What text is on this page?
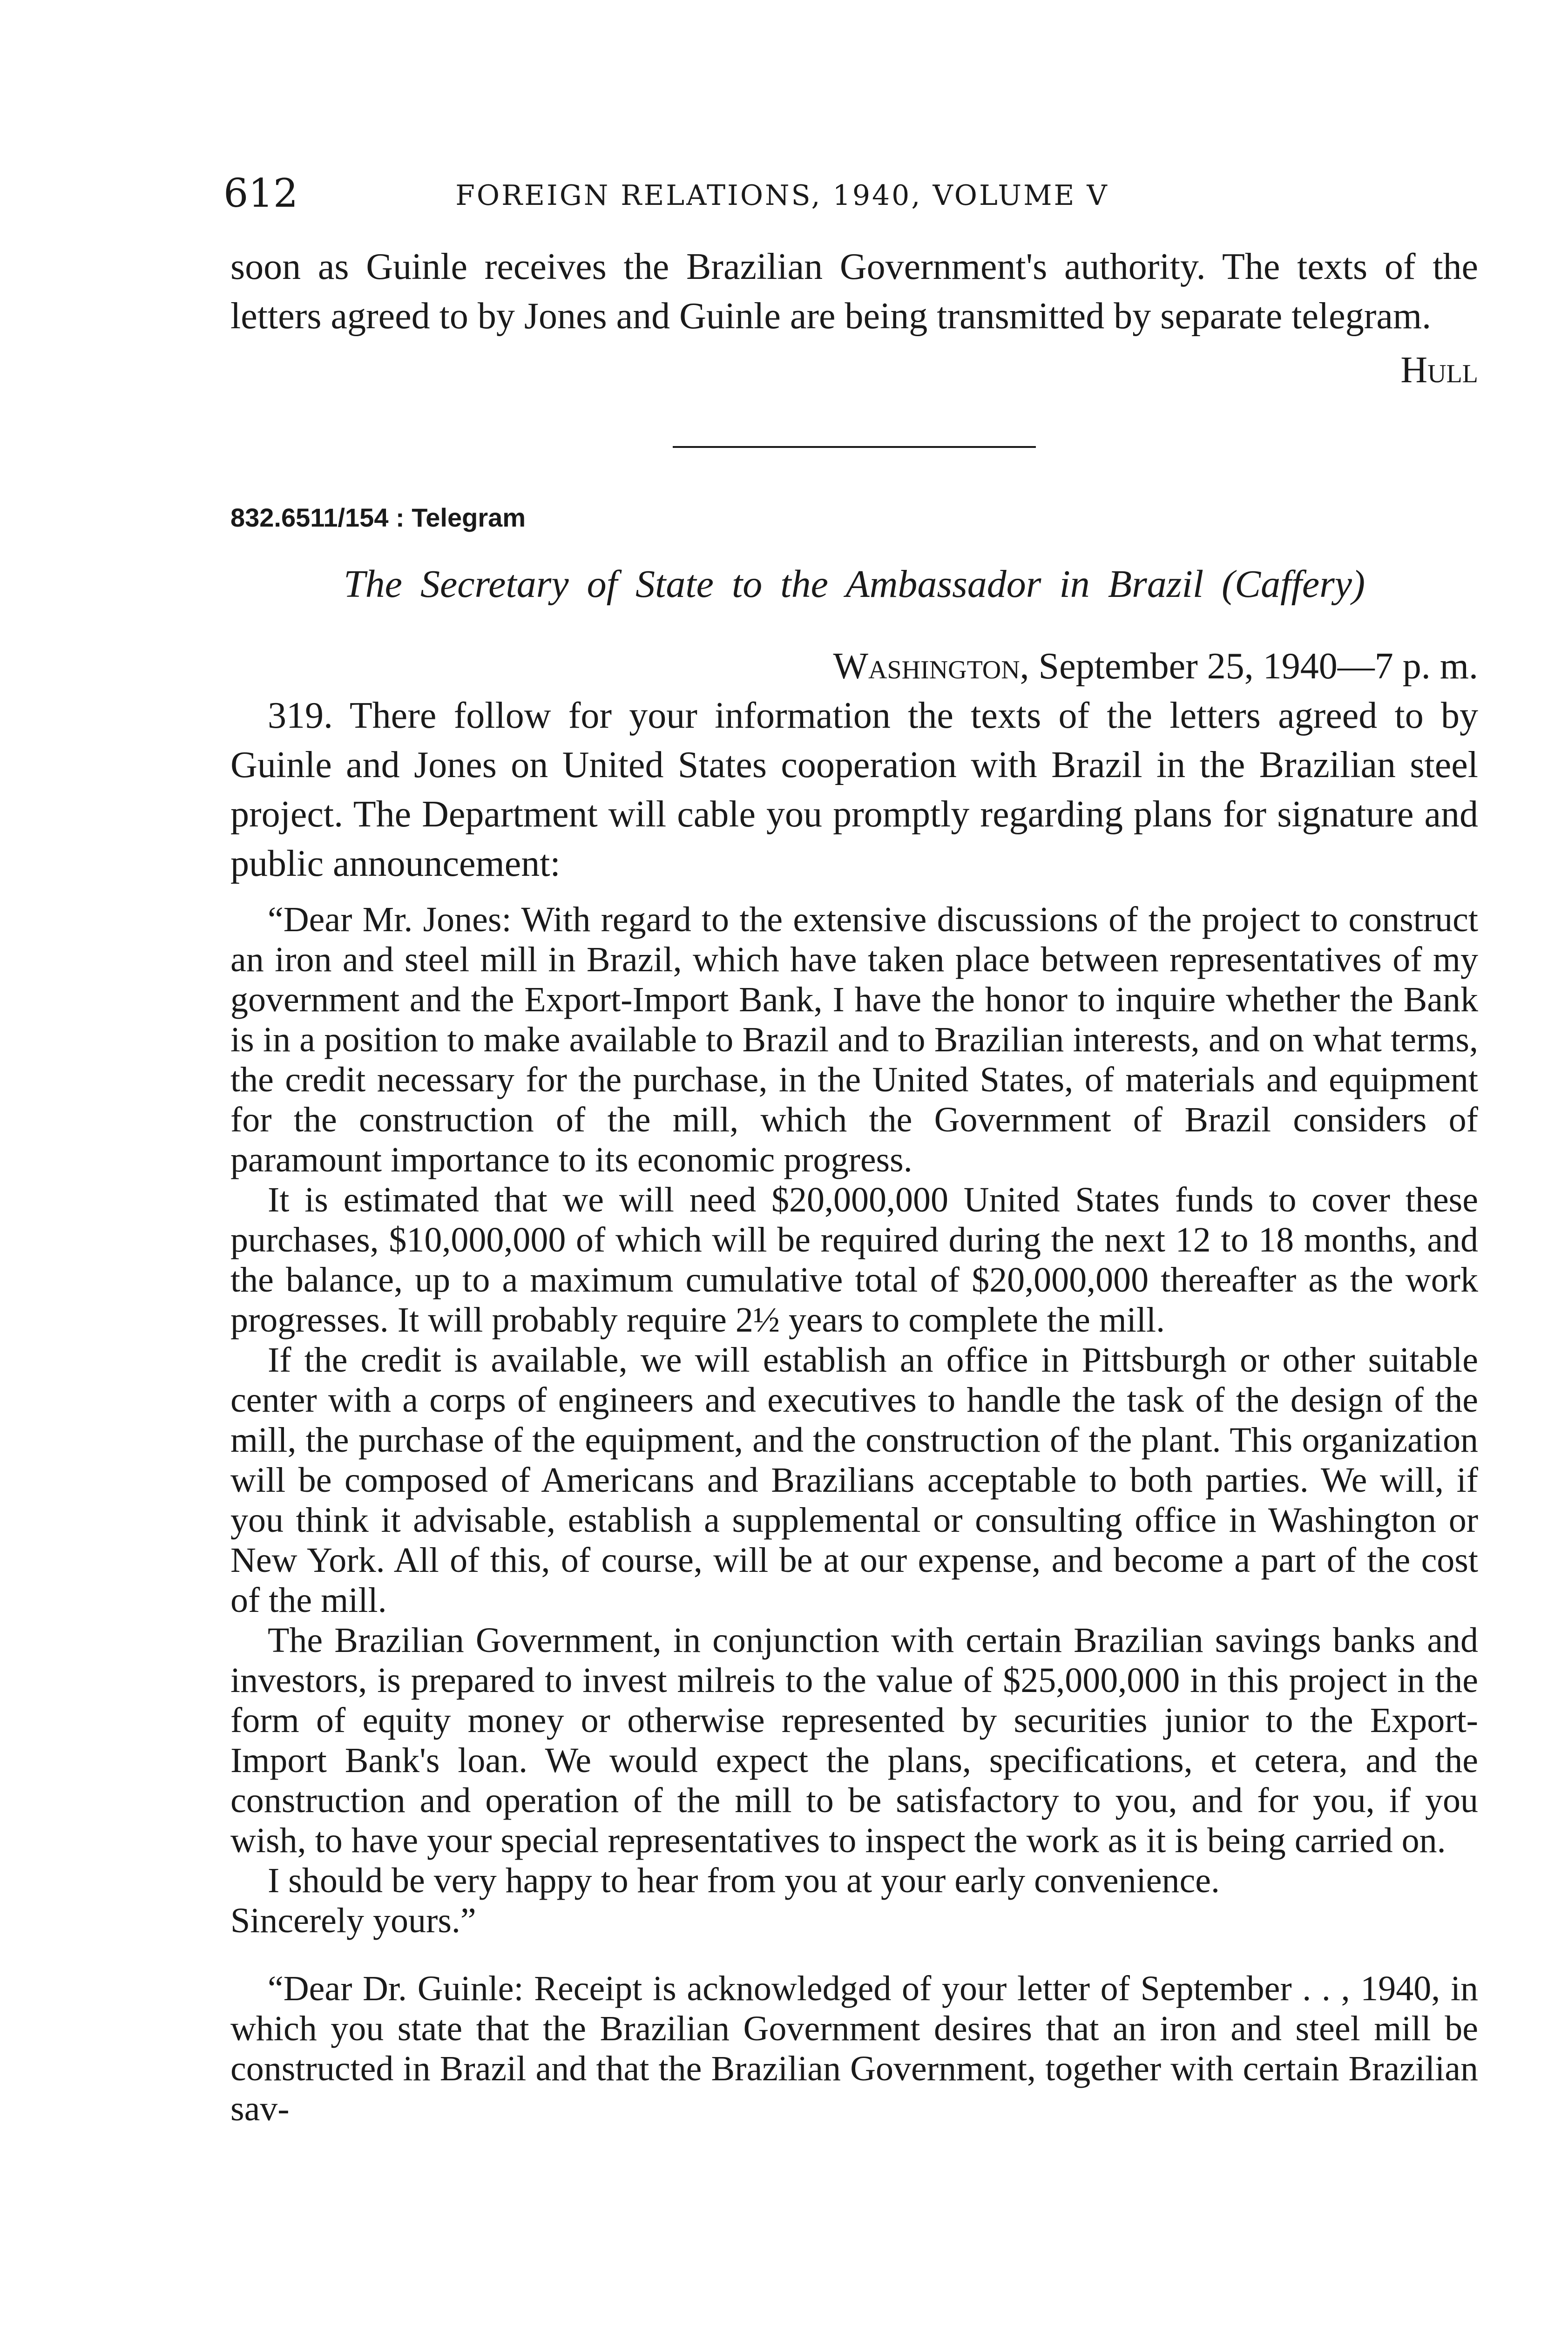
612	FOREIGN RELATIONS, 1940, VOLUME V

soon as Guinle receives the Brazilian Government's authority. The texts of the letters agreed to by Jones and Guinle are being transmitted by separate telegram.

Hull

832.6511/154 : Telegram

The Secretary of State to the Ambassador in Brazil (Caffery)

Washington, September 25, 1940—7 p. m.

319. There follow for your information the texts of the letters agreed to by Guinle and Jones on United States cooperation with Brazil in the Brazilian steel project. The Department will cable you promptly regarding plans for signature and public announcement:

“Dear Mr. Jones: With regard to the extensive discussions of the project to construct an iron and steel mill in Brazil, which have taken place between representatives of my government and the Export-Import Bank, I have the honor to inquire whether the Bank is in a position to make available to Brazil and to Brazilian interests, and on what terms, the credit necessary for the purchase, in the United States, of materials and equipment for the construction of the mill, which the Government of Brazil considers of paramount importance to its economic progress.

It is estimated that we will need $20,000,000 United States funds to cover these purchases, $10,000,000 of which will be required during the next 12 to 18 months, and the balance, up to a maximum cumulative total of $20,000,000 thereafter as the work progresses. It will probably require 2½ years to complete the mill.

If the credit is available, we will establish an office in Pittsburgh or other suitable center with a corps of engineers and executives to handle the task of the design of the mill, the purchase of the equipment, and the construction of the plant. This organization will be composed of Americans and Brazilians acceptable to both parties. We will, if you think it advisable, establish a supplemental or consulting office in Washington or New York. All of this, of course, will be at our expense, and become a part of the cost of the mill.

The Brazilian Government, in conjunction with certain Brazilian savings banks and investors, is prepared to invest milreis to the value of $25,000,000 in this project in the form of equity money or otherwise represented by securities junior to the Export-Import Bank's loan. We would expect the plans, specifications, et cetera, and the construction and operation of the mill to be satisfactory to you, and for you, if you wish, to have your special representatives to inspect the work as it is being carried on.

I should be very happy to hear from you at your early convenience.

Sincerely yours.”

“Dear Dr. Guinle: Receipt is acknowledged of your letter of September . . , 1940, in which you state that the Brazilian Government desires that an iron and steel mill be constructed in Brazil and that the Brazilian Government, together with certain Brazilian sav-
